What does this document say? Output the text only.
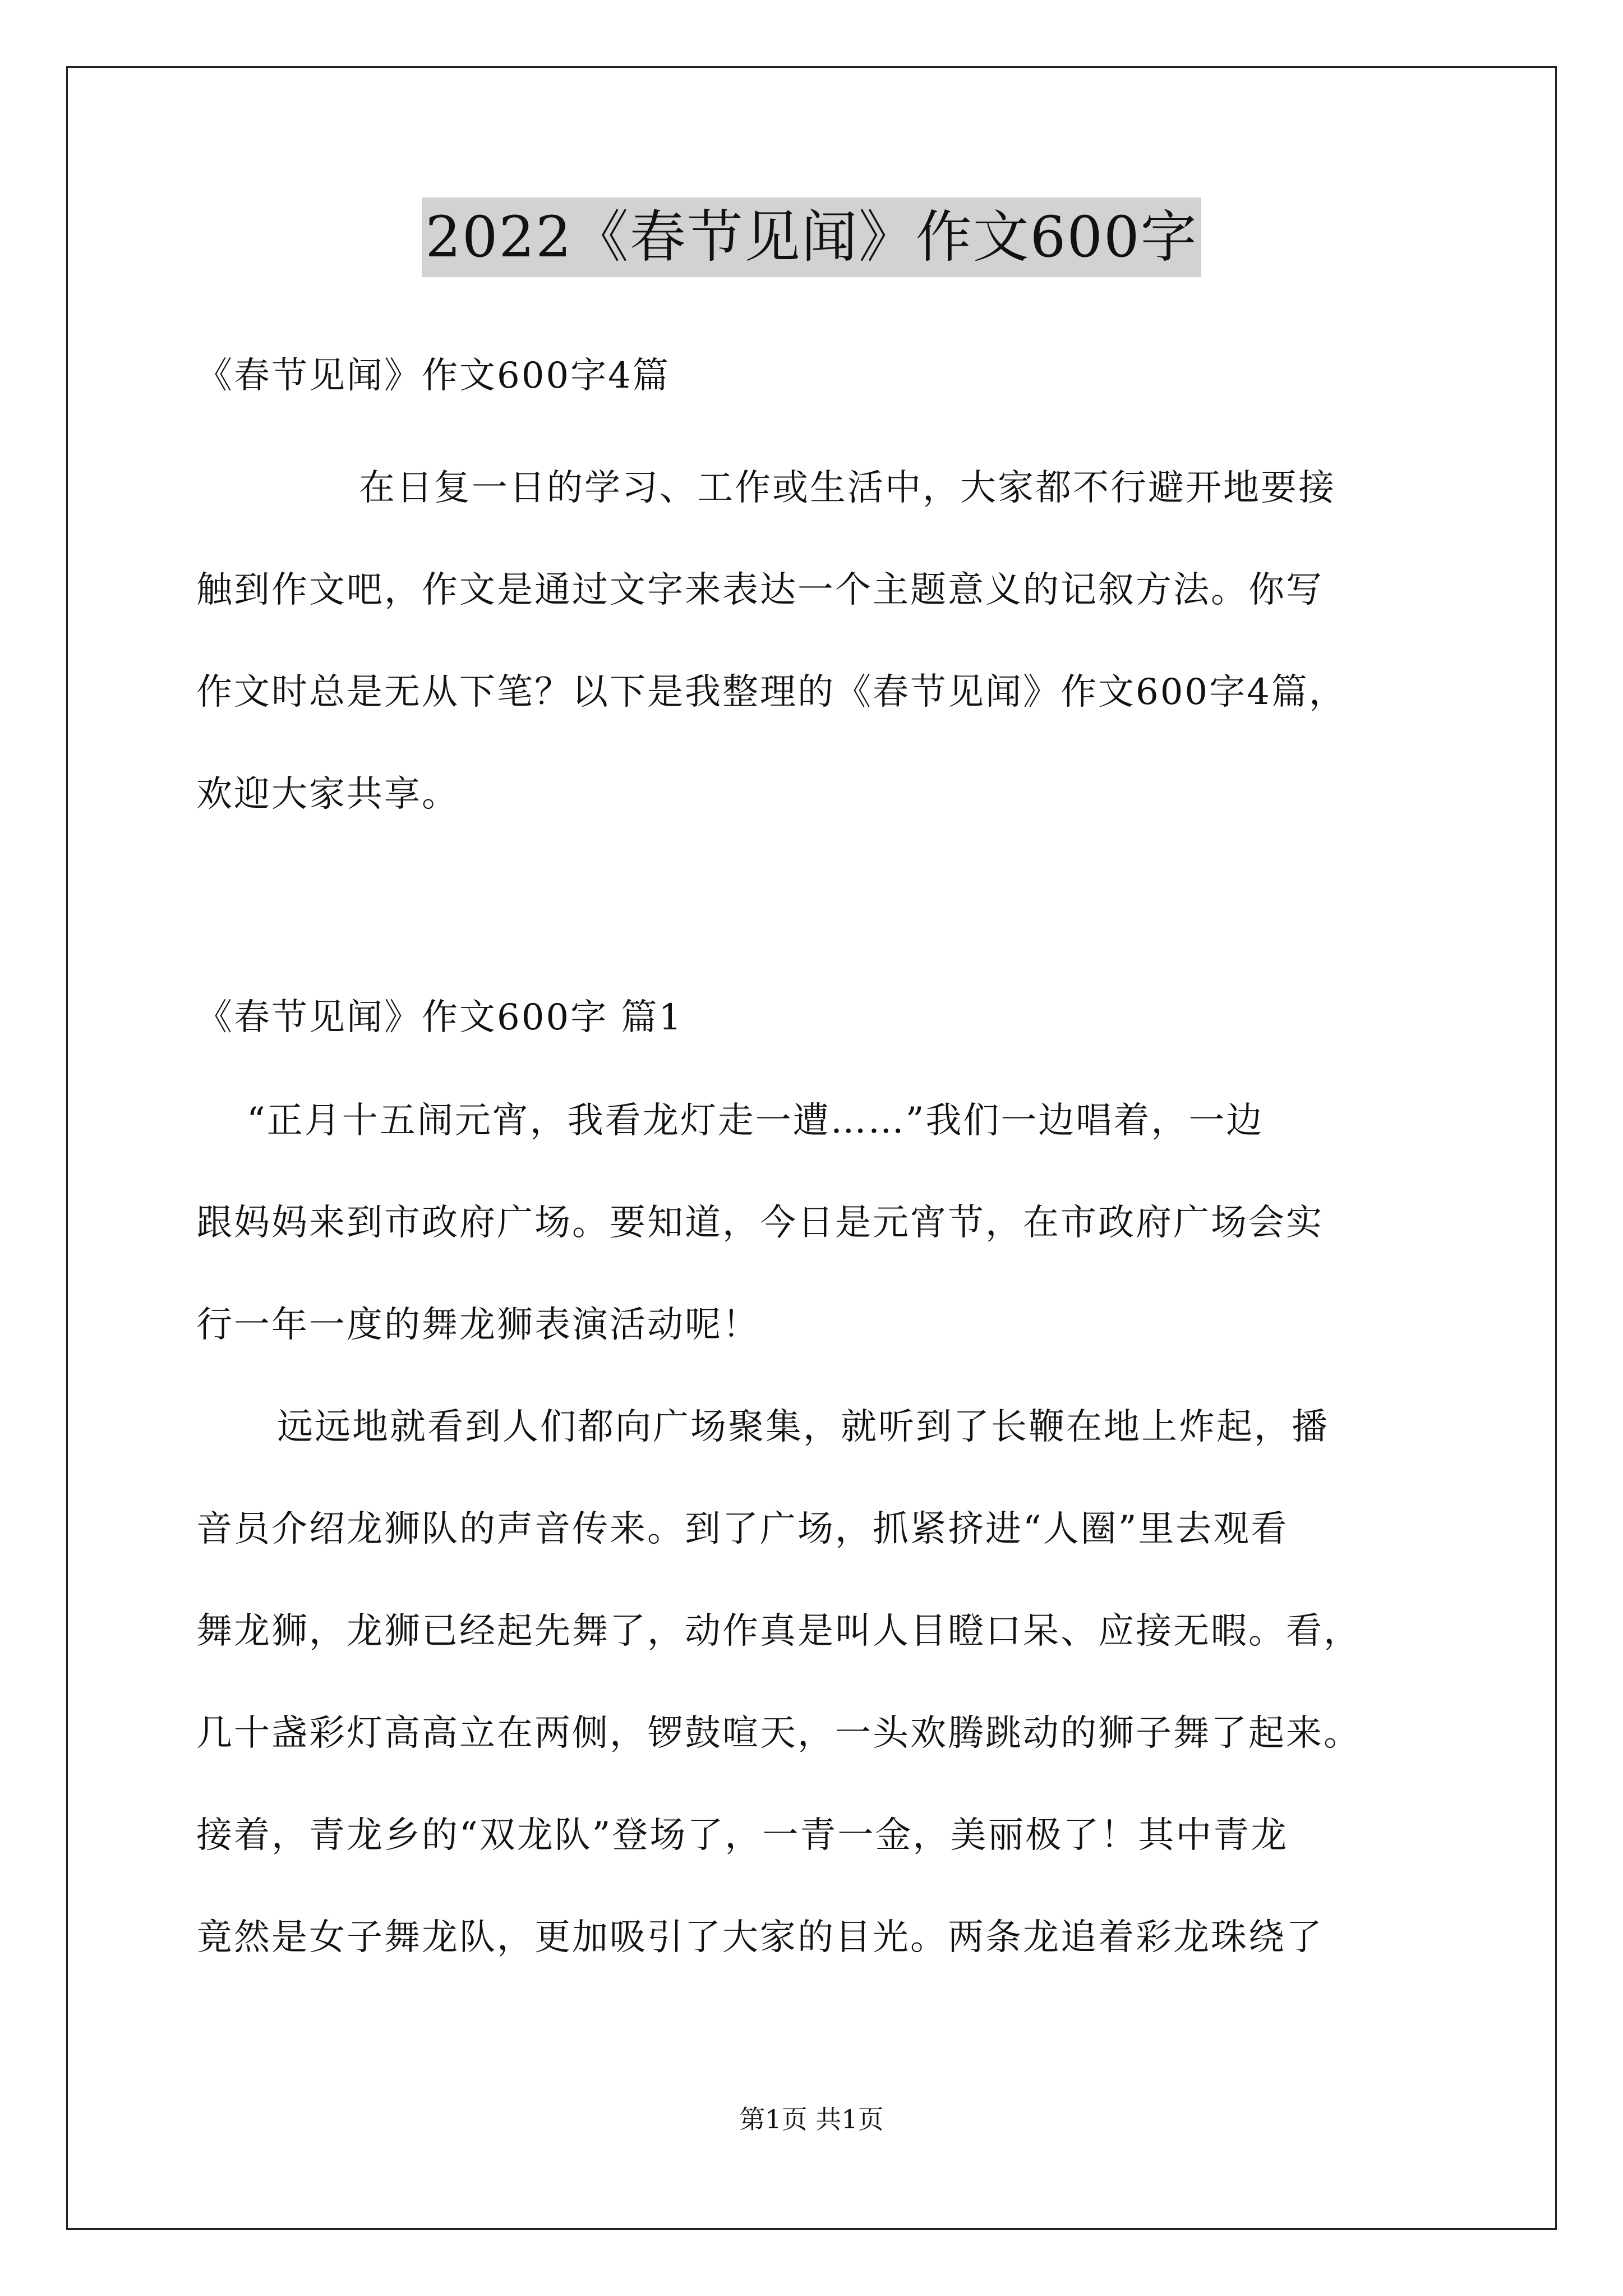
2022《春节见闻》作文600字
《春节见闻》作文600字4篇
在日复一日的学习、工作或生活中，大家都不行避开地要接
触到作文吧，作文是通过文字来表达一个主题意义的记叙方法。你写
作文时总是无从下笔？以下是我整理的《春节见闻》作文600字4篇，
欢迎大家共享。
《春节见闻》作文600字 篇1
“正月十五闹元宵，我看龙灯走一遭……”我们一边唱着，一边
跟妈妈来到市政府广场。要知道，今日是元宵节，在市政府广场会实
行一年一度的舞龙狮表演活动呢！
远远地就看到人们都向广场聚集，就听到了长鞭在地上炸起，播
音员介绍龙狮队的声音传来。到了广场，抓紧挤进“人圈”里去观看
舞龙狮，龙狮已经起先舞了，动作真是叫人目瞪口呆、应接无暇。看，
几十盏彩灯高高立在两侧，锣鼓喧天，一头欢腾跳动的狮子舞了起来。
接着，青龙乡的“双龙队”登场了，一青一金，美丽极了！其中青龙
竟然是女子舞龙队，更加吸引了大家的目光。两条龙追着彩龙珠绕了
第1页 共1页
